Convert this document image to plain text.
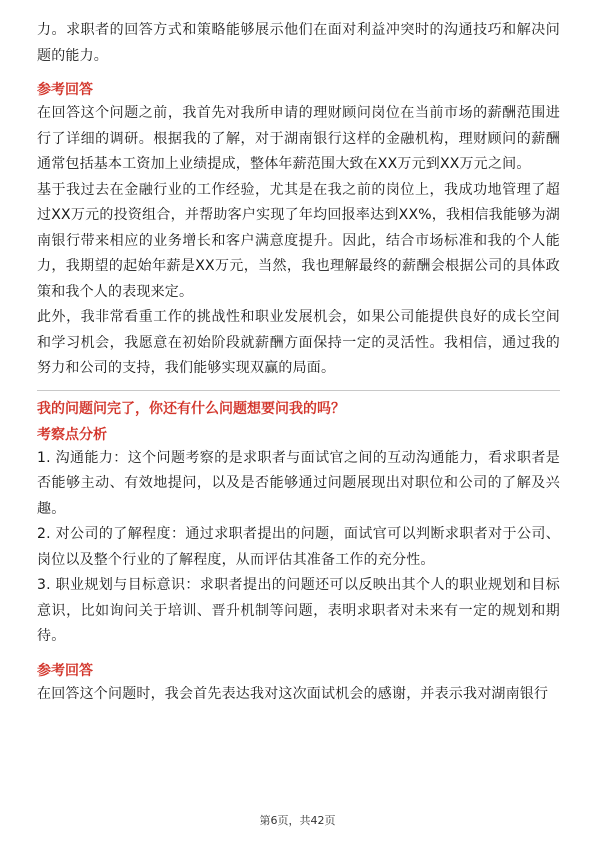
力。求职者的回答方式和策略能够展示他们在面对利益冲突时的沟通技巧和解决问题的能力。

参考回答

在回答这个问题之前，我首先对我所申请的理财顾问岗位在当前市场的薪酬范围进行了详细的调研。根据我的了解，对于湖南银行这样的金融机构，理财顾问的薪酬通常包括基本工资加上业绩提成，整体年薪范围大致在XX万元到XX万元之间。

基于我过去在金融行业的工作经验，尤其是在我之前的岗位上，我成功地管理了超过XX万元的投资组合，并帮助客户实现了年均回报率达到XX%，我相信我能够为湖南银行带来相应的业务增长和客户满意度提升。因此，结合市场标准和我的个人能力，我期望的起始年薪是XX万元，当然，我也理解最终的薪酬会根据公司的具体政策和我个人的表现来定。

此外，我非常看重工作的挑战性和职业发展机会，如果公司能提供良好的成长空间和学习机会，我愿意在初始阶段就薪酬方面保持一定的灵活性。我相信，通过我的努力和公司的支持，我们能够实现双赢的局面。

我的问题问完了，你还有什么问题想要问我的吗？
考察点分析

1. 沟通能力：这个问题考察的是求职者与面试官之间的互动沟通能力，看求职者是否能够主动、有效地提问，以及是否能够通过问题展现出对职位和公司的了解及兴趣。

2. 对公司的了解程度：通过求职者提出的问题，面试官可以判断求职者对于公司、岗位以及整个行业的了解程度，从而评估其准备工作的充分性。

3. 职业规划与目标意识：求职者提出的问题还可以反映出其个人的职业规划和目标意识，比如询问关于培训、晋升机制等问题，表明求职者对未来有一定的规划和期待。

参考回答

在回答这个问题时，我会首先表达我对这次面试机会的感谢，并表示我对湖南银行

第6页，共42页
